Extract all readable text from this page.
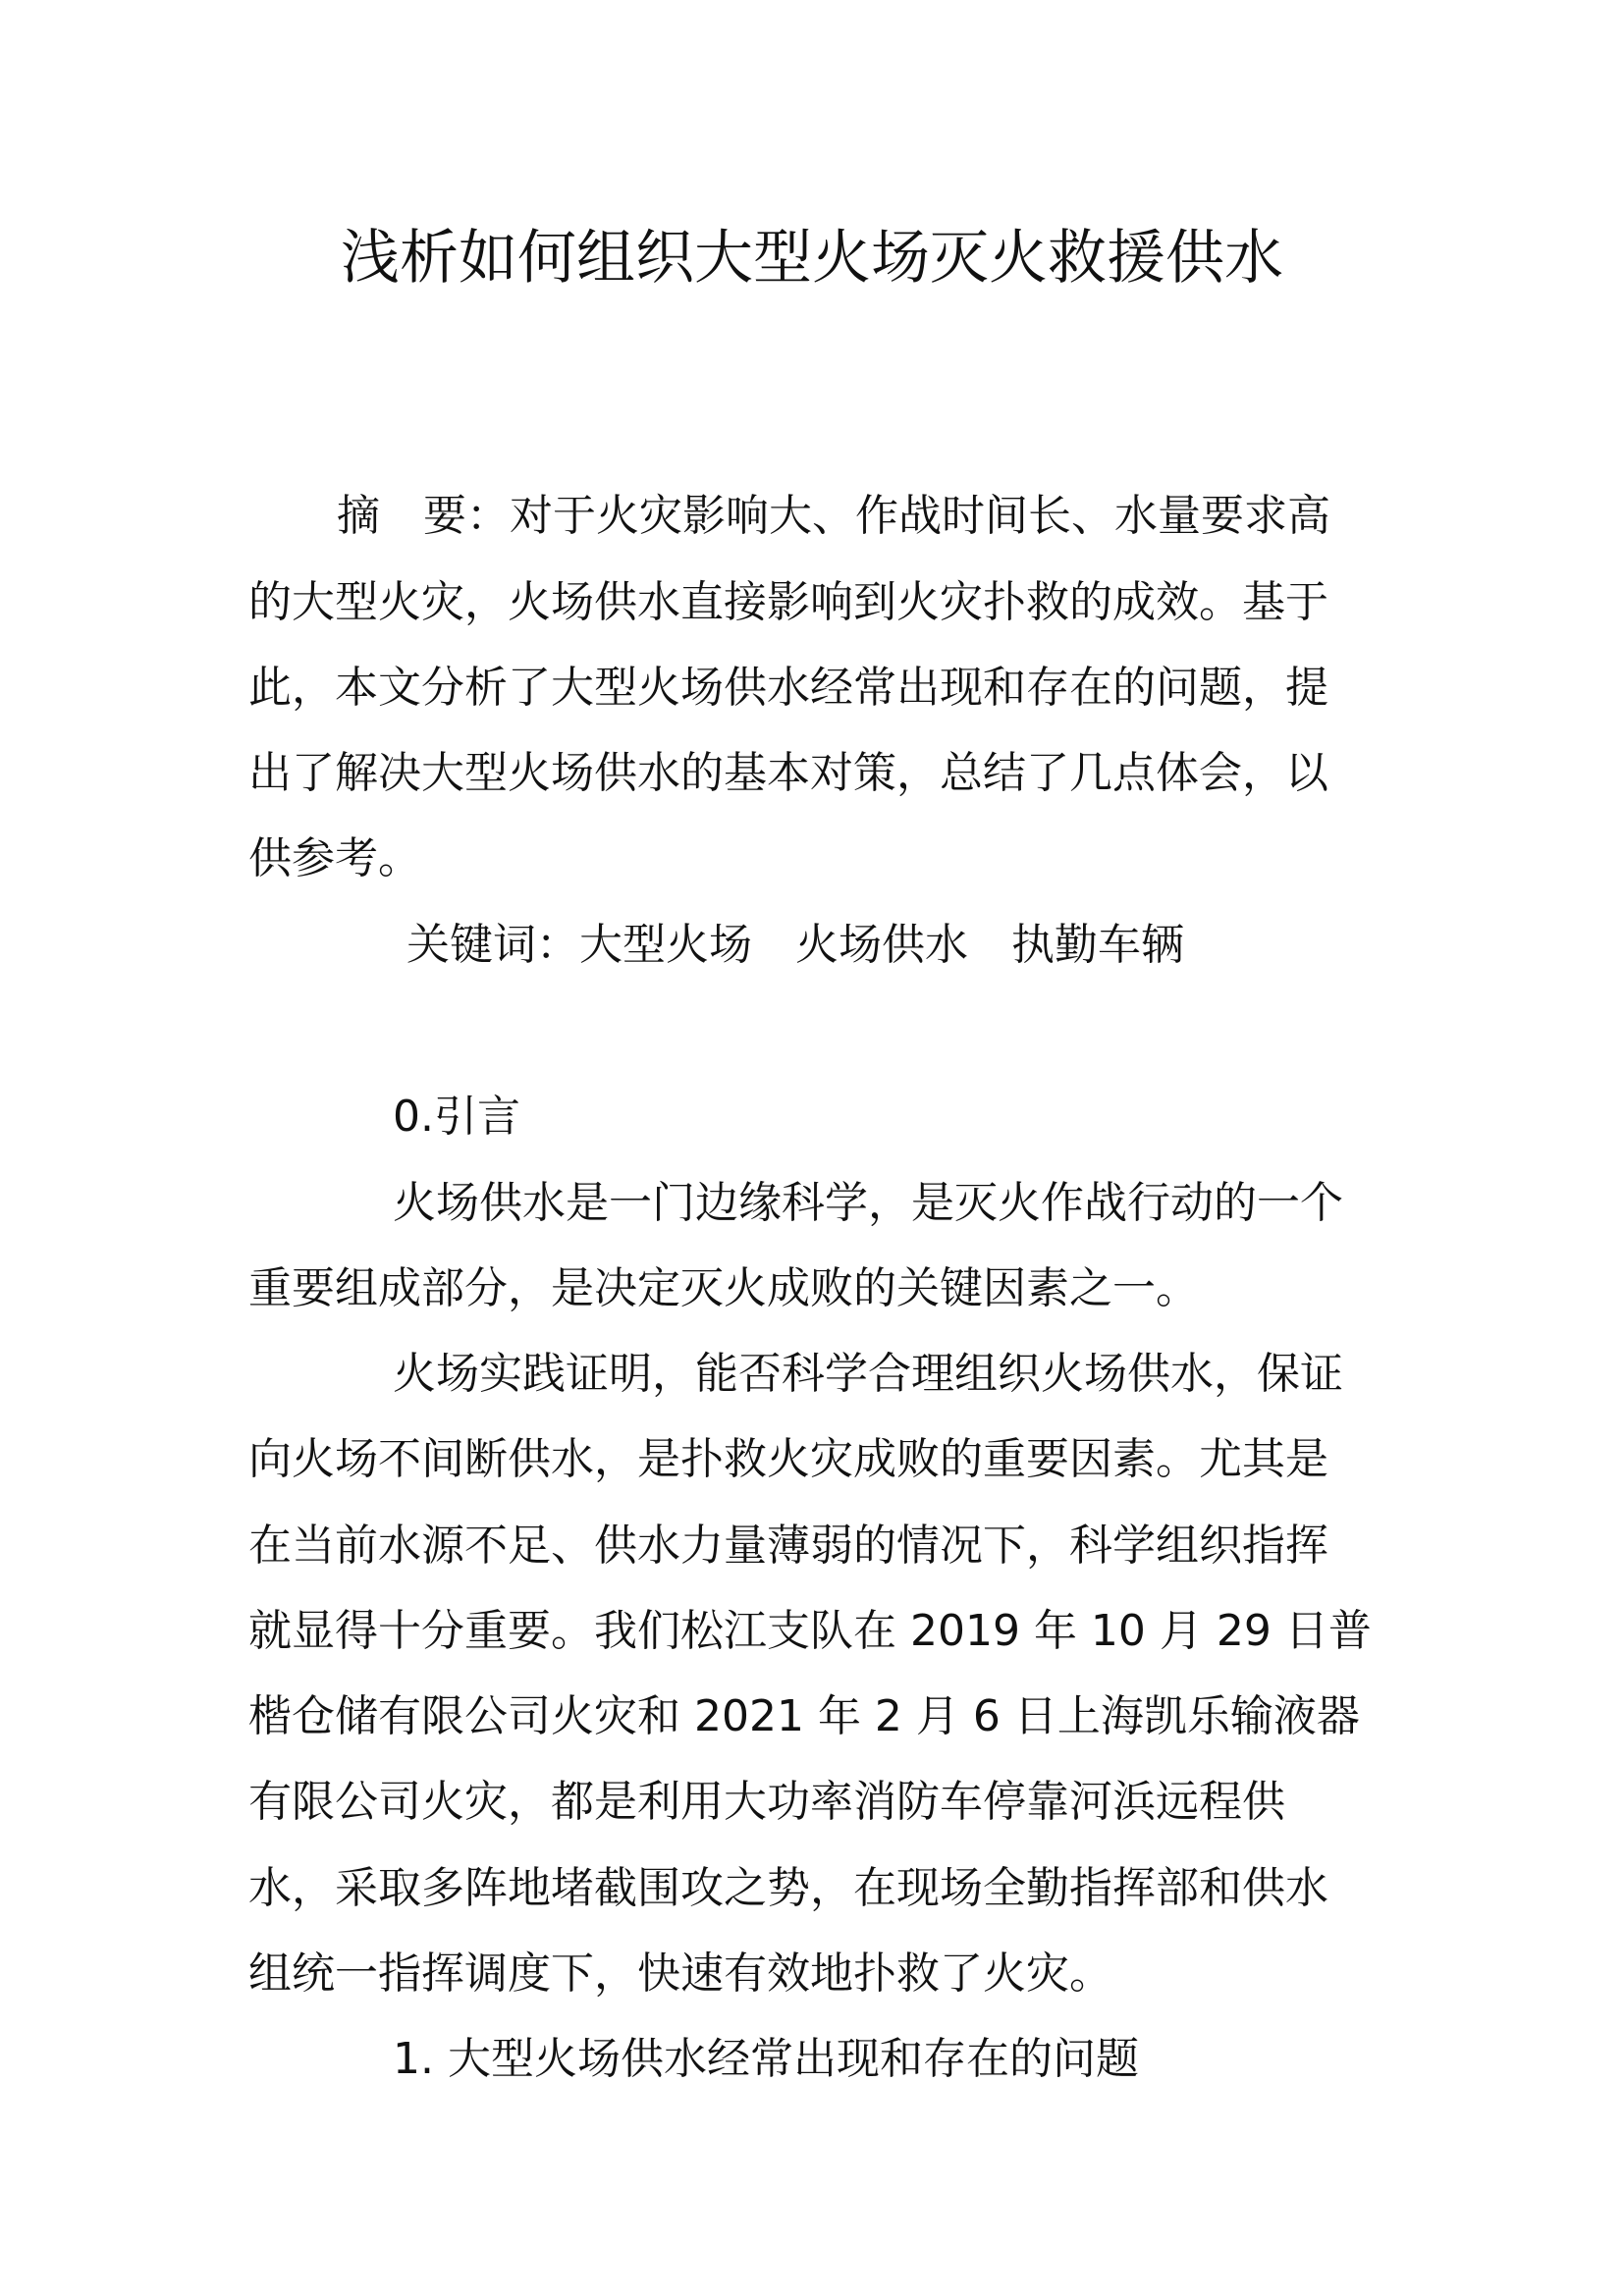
浅析如何组织大型火场灭火救援供水
摘　要：对于火灾影响大、作战时间长、水量要求高
的大型火灾，火场供水直接影响到火灾扑救的成效。基于
此，本文分析了大型火场供水经常出现和存在的问题，提
出了解决大型火场供水的基本对策，总结了几点体会，以
供参考。
关键词：大型火场　火场供水　执勤车辆
0.引言
火场供水是一门边缘科学，是灭火作战行动的一个
重要组成部分，是决定灭火成败的关键因素之一。
火场实践证明，能否科学合理组织火场供水，保证
向火场不间断供水，是扑救火灾成败的重要因素。尤其是
在当前水源不足、供水力量薄弱的情况下，科学组织指挥
就显得十分重要。我们松江支队在 2019 年 10 月 29 日普
楷仓储有限公司火灾和 2021 年 2 月 6 日上海凯乐输液器
有限公司火灾，都是利用大功率消防车停靠河浜远程供
水，采取多阵地堵截围攻之势，在现场全勤指挥部和供水
组统一指挥调度下，快速有效地扑救了火灾。
1. 大型火场供水经常出现和存在的问题
